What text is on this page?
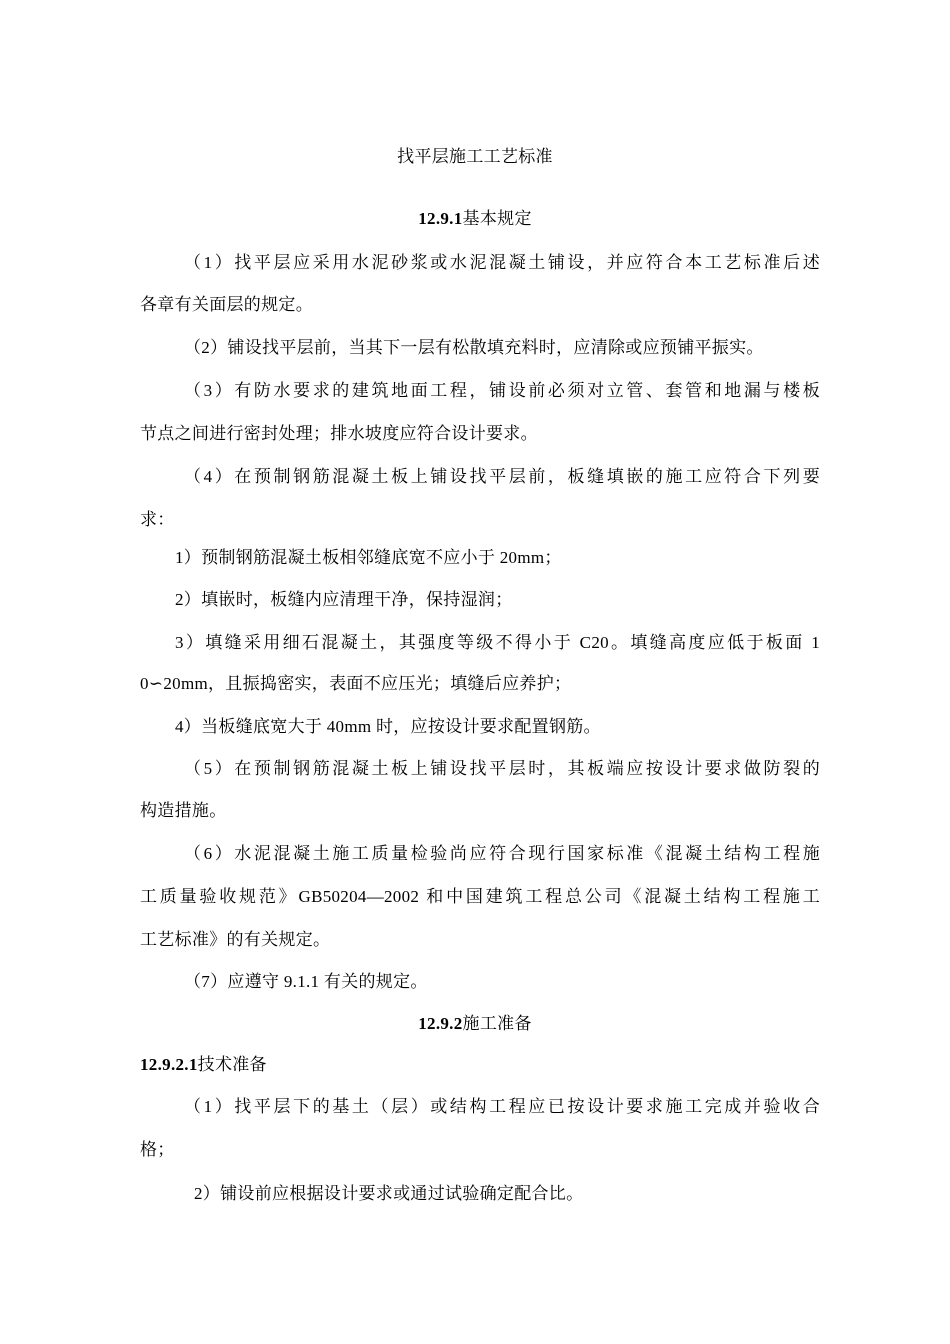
找平层施工工艺标准
12.9.1基本规定
（1）找平层应采用水泥砂浆或水泥混凝土铺设，并应符合本工艺标准后述
各章有关面层的规定。
（2）铺设找平层前，当其下一层有松散填充料时，应清除或应预铺平振实。
（3）有防水要求的建筑地面工程，铺设前必须对立管、套管和地漏与楼板
节点之间进行密封处理；排水坡度应符合设计要求。
（4）在预制钢筋混凝土板上铺设找平层前，板缝填嵌的施工应符合下列要
求：
1）预制钢筋混凝土板相邻缝底宽不应小于 20mm；
2）填嵌时，板缝内应清理干净，保持湿润；
3）填缝采用细石混凝土，其强度等级不得小于 C20。填缝高度应低于板面 1
0∽20mm，且振捣密实，表面不应压光；填缝后应养护；
4）当板缝底宽大于 40mm 时，应按设计要求配置钢筋。
（5）在预制钢筋混凝土板上铺设找平层时，其板端应按设计要求做防裂的
构造措施。
（6）水泥混凝土施工质量检验尚应符合现行国家标准《混凝土结构工程施
工质量验收规范》GB50204—2002 和中国建筑工程总公司《混凝土结构工程施工
工艺标准》的有关规定。
（7）应遵守 9.1.1 有关的规定。
12.9.2施工准备
12.9.2.1技术准备
（1）找平层下的基土（层）或结构工程应已按设计要求施工完成并验收合
格；
2）铺设前应根据设计要求或通过试验确定配合比。
